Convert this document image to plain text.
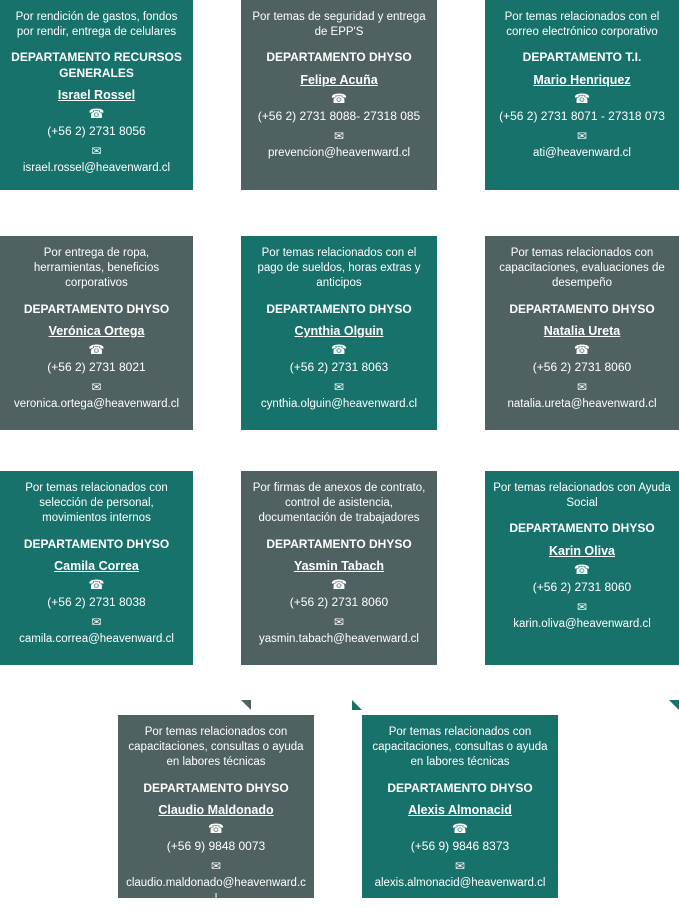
Por rendición de gastos, fondos por rendir, entrega de celulares

DEPARTAMENTO RECURSOS GENERALES

Israel Rossel

☎

(+56 2) 2731 8056

✉

israel.rossel@heavenward.cl

Por temas de seguridad y entrega de EPP'S

DEPARTAMENTO DHYSO

Felipe Acuña

☎

(+56 2) 2731 8088- 27318 085

✉

prevencion@heavenward.cl

Por temas relacionados con el correo electrónico corporativo

DEPARTAMENTO T.I.

Mario Henriquez

☎

(+56 2) 2731 8071 - 27318 073

✉

ati@heavenward.cl

Por entrega de ropa, herramientas, beneficios corporativos

DEPARTAMENTO DHYSO

Verónica Ortega

☎

(+56 2) 2731 8021

✉

veronica.ortega@heavenward.cl

Por temas relacionados con el pago de sueldos, horas extras y anticipos

DEPARTAMENTO DHYSO

Cynthia Olguin

☎

(+56 2) 2731 8063

✉

cynthia.olguin@heavenward.cl

Por temas relacionados con capacitaciones, evaluaciones de desempeño

DEPARTAMENTO DHYSO

Natalia Ureta

☎

(+56 2) 2731 8060

✉

natalia.ureta@heavenward.cl

Por temas relacionados con selección de personal, movimientos internos

DEPARTAMENTO DHYSO

Camila Correa

☎

(+56 2) 2731 8038

✉

camila.correa@heavenward.cl

Por firmas de anexos de contrato, control de asistencia, documentación de trabajadores

DEPARTAMENTO DHYSO

Yasmin Tabach

☎

(+56 2) 2731 8060

✉

yasmin.tabach@heavenward.cl

Por temas relacionados con Ayuda Social

DEPARTAMENTO DHYSO

Karin Oliva

☎

(+56 2) 2731 8060

✉

karin.oliva@heavenward.cl

Por temas relacionados con capacitaciones, consultas o ayuda en labores técnicas

DEPARTAMENTO DHYSO

Claudio Maldonado

☎

(+56 9) 9848 0073

✉

claudio.maldonado@heavenward.cl

Por temas relacionados con capacitaciones, consultas o ayuda en labores técnicas

DEPARTAMENTO DHYSO

Alexis Almonacid

☎

(+56 9) 9846 8373

✉

alexis.almonacid@heavenward.cl
